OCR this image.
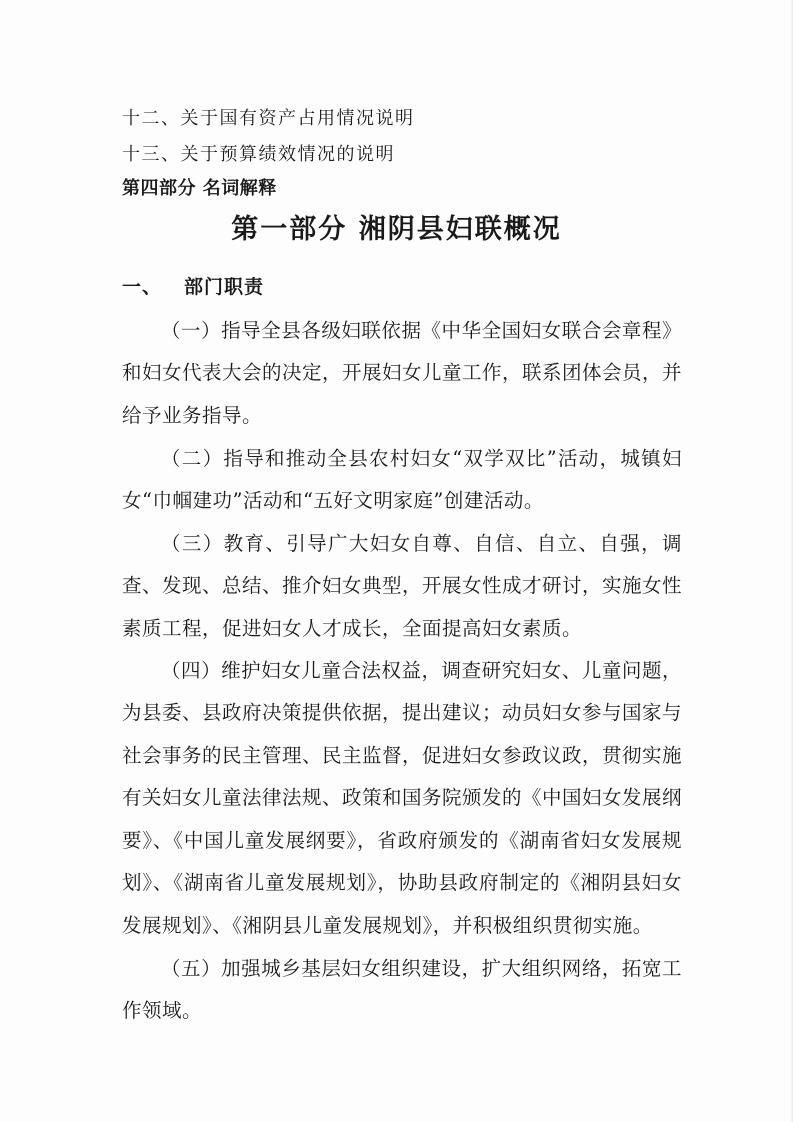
十二、关于国有资产占用情况说明
十三、关于预算绩效情况的说明
第四部分 名词解释
第一部分 湘阴县妇联概况
一、 部门职责

（一）指导全县各级妇联依据《中华全国妇女联合会章程》和妇女代表大会的决定，开展妇女儿童工作，联系团体会员，并给予业务指导。

（二）指导和推动全县农村妇女“双学双比”活动，城镇妇女“巾帼建功”活动和“五好文明家庭”创建活动。

（三）教育、引导广大妇女自尊、自信、自立、自强，调查、发现、总结、推介妇女典型，开展女性成才研讨，实施女性素质工程，促进妇女人才成长，全面提高妇女素质。

（四）维护妇女儿童合法权益，调查研究妇女、儿童问题，为县委、县政府决策提供依据，提出建议；动员妇女参与国家与社会事务的民主管理、民主监督，促进妇女参政议政，贯彻实施有关妇女儿童法律法规、政策和国务院颁发的《中国妇女发展纲要》、《中国儿童发展纲要》，省政府颁发的《湖南省妇女发展规划》、《湖南省儿童发展规划》，协助县政府制定的《湘阴县妇女发展规划》、《湘阴县儿童发展规划》，并积极组织贯彻实施。

（五）加强城乡基层妇女组织建设，扩大组织网络，拓宽工作领域。
